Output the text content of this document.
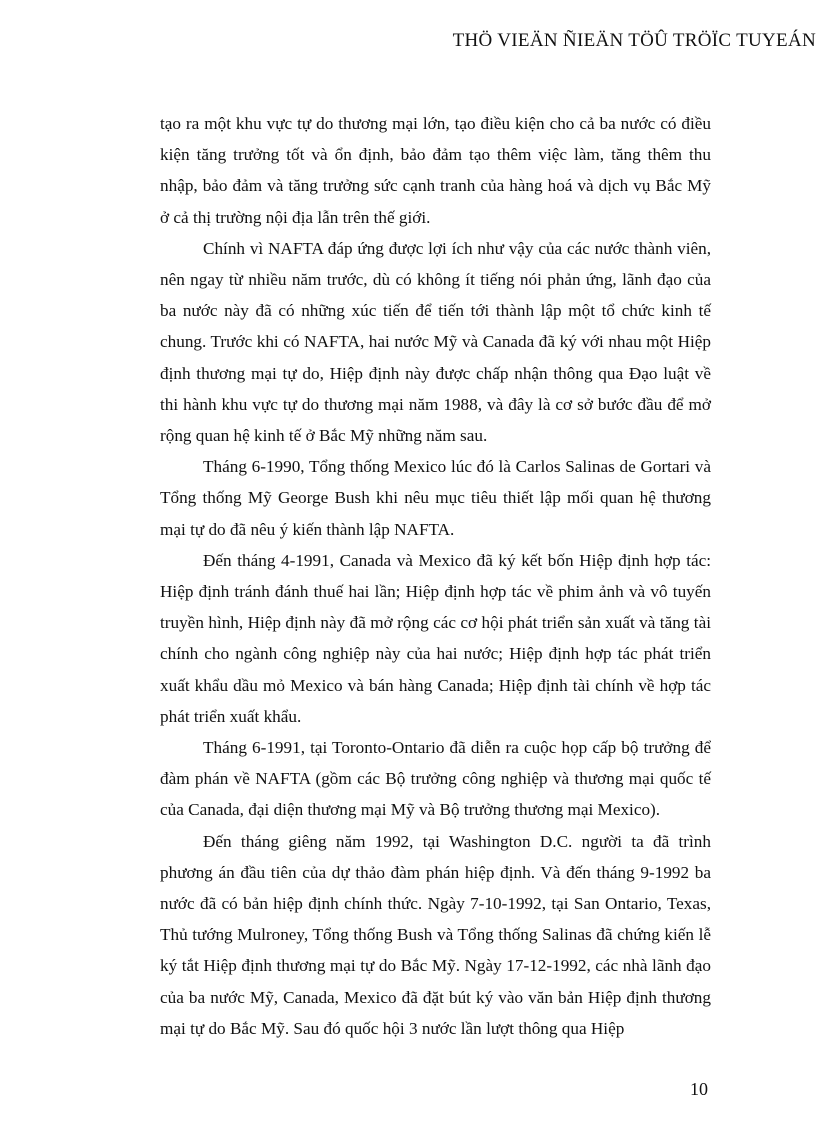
THÖ VIEÄN ÑIEÄN TÖÛ TRÖÏC TUYEÁN

tạo ra một khu vực tự do thương mại lớn, tạo điều kiện cho cả ba nước có điều kiện tăng trưởng tốt và ổn định, bảo đảm tạo thêm việc làm, tăng thêm thu nhập, bảo đảm và tăng trưởng sức cạnh tranh của hàng hoá và dịch vụ Bắc Mỹ ở cả thị trường nội địa lẫn trên thế giới.

Chính vì NAFTA đáp ứng được lợi ích như vậy của các nước thành viên, nên ngay từ nhiều năm trước, dù có không ít tiếng nói phản ứng, lãnh đạo của ba nước này đã có những xúc tiến để tiến tới thành lập một tổ chức kinh tế chung. Trước khi có NAFTA, hai nước Mỹ và Canada đã ký với nhau một Hiệp định thương mại tự do, Hiệp định này được chấp nhận thông qua Đạo luật về thi hành khu vực tự do thương mại năm 1988, và đây là cơ sở bước đầu để mở rộng quan hệ kinh tế ở Bắc Mỹ những năm sau.

Tháng 6-1990, Tổng thống Mexico lúc đó là Carlos Salinas de Gortari và Tổng thống Mỹ George Bush khi nêu mục tiêu thiết lập mối quan hệ thương mại tự do đã nêu ý kiến thành lập NAFTA.

Đến tháng 4-1991, Canada và Mexico đã ký kết bốn Hiệp định hợp tác: Hiệp định tránh đánh thuế hai lần; Hiệp định hợp tác về phim ảnh và vô tuyến truyền hình, Hiệp định này đã mở rộng các cơ hội phát triển sản xuất và tăng tài chính cho ngành công nghiệp này của hai nước; Hiệp định hợp tác phát triển xuất khẩu dầu mỏ Mexico và bán hàng Canada; Hiệp định tài chính về hợp tác phát triển xuất khẩu.

Tháng 6-1991, tại Toronto-Ontario đã diễn ra cuộc họp cấp bộ trưởng để đàm phán về NAFTA (gồm các Bộ trưởng công nghiệp và thương mại quốc tế của Canada, đại diện thương mại Mỹ và Bộ trưởng thương mại Mexico).

Đến tháng giêng năm 1992, tại Washington D.C. người ta đã trình phương án đầu tiên của dự thảo đàm phán hiệp định. Và đến tháng 9-1992 ba nước đã có bản hiệp định chính thức. Ngày 7-10-1992, tại San Ontario, Texas, Thủ tướng Mulroney, Tổng thống Bush và Tổng thống Salinas đã chứng kiến lễ ký tắt Hiệp định thương mại tự do Bắc Mỹ. Ngày 17-12-1992, các nhà lãnh đạo của ba nước Mỹ, Canada, Mexico đã đặt bút ký vào văn bản Hiệp định thương mại tự do Bắc Mỹ. Sau đó quốc hội 3 nước lần lượt thông qua Hiệp

10
